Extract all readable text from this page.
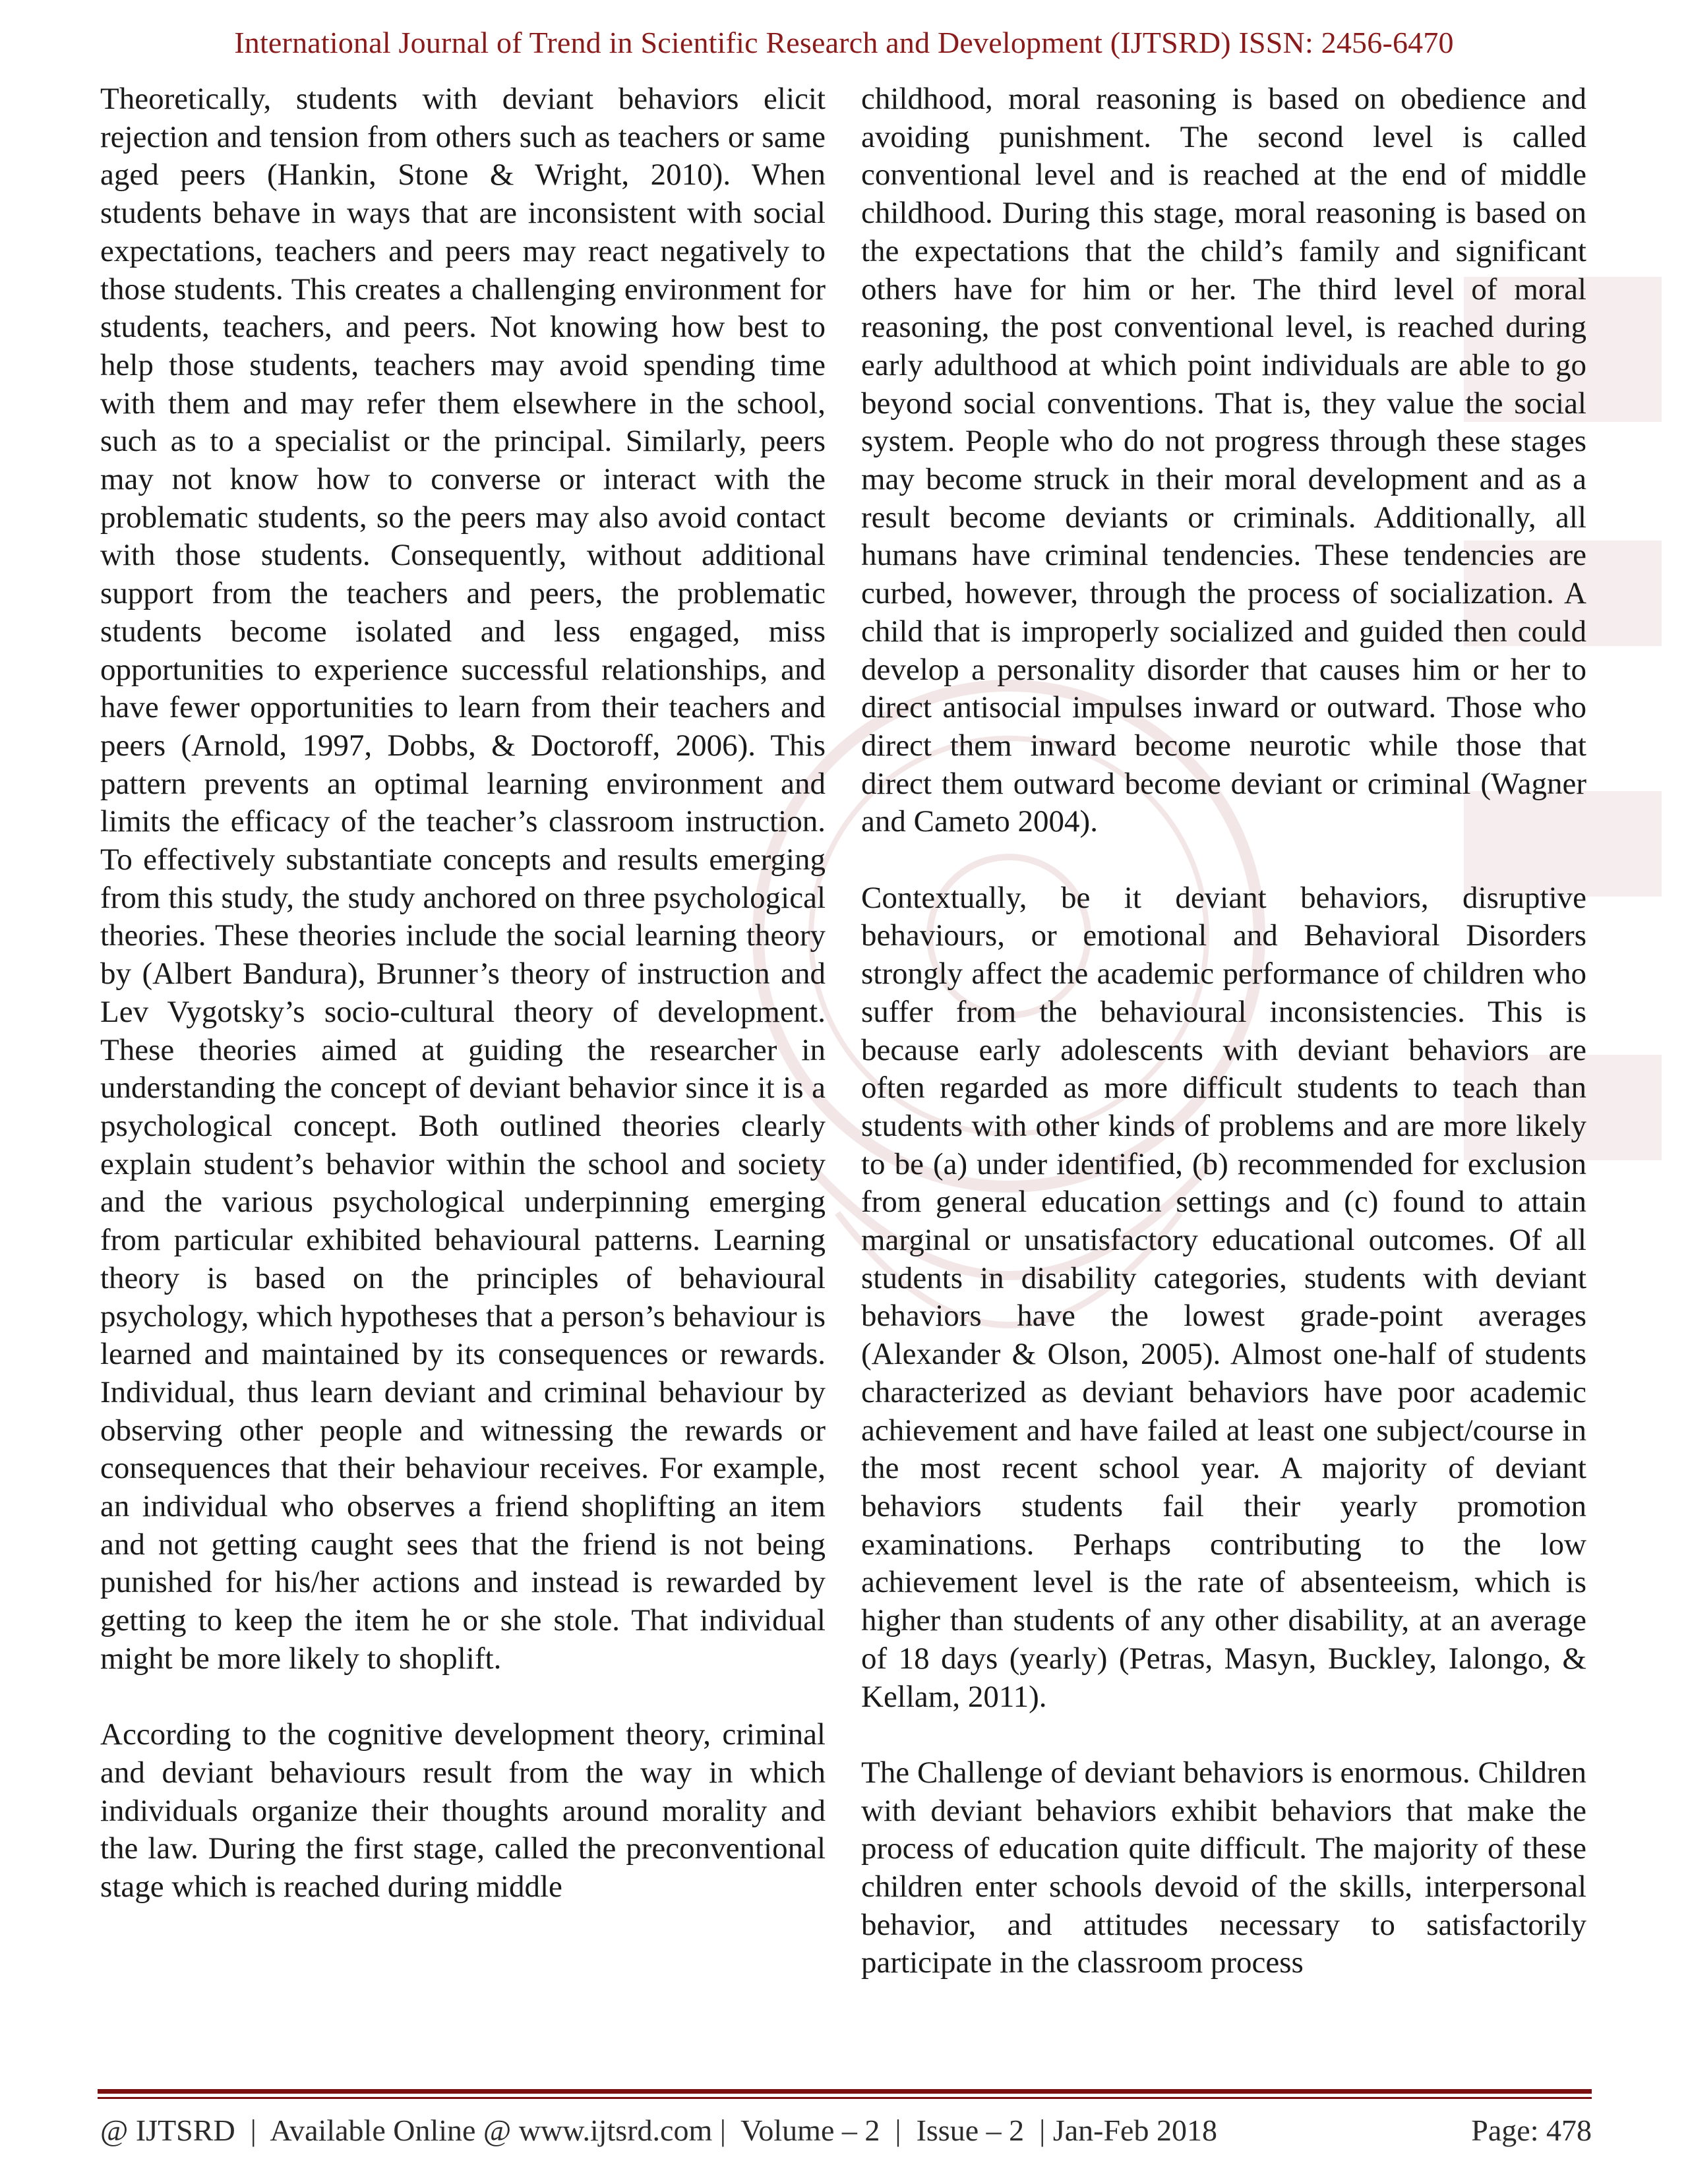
International Journal of Trend in Scientific Research and Development (IJTSRD) ISSN: 2456-6470

Theoretically, students with deviant behaviors elicit rejection and tension from others such as teachers or same aged peers (Hankin, Stone & Wright, 2010). When students behave in ways that are inconsistent with social expectations, teachers and peers may react negatively to those students. This creates a challenging environment for students, teachers, and peers. Not knowing how best to help those students, teachers may avoid spending time with them and may refer them elsewhere in the school, such as to a specialist or the principal. Similarly, peers may not know how to converse or interact with the problematic students, so the peers may also avoid contact with those students. Consequently, without additional support from the teachers and peers, the problematic students become isolated and less engaged, miss opportunities to experience successful relationships, and have fewer opportunities to learn from their teachers and peers (Arnold, 1997, Dobbs, & Doctoroff, 2006). This pattern prevents an optimal learning environment and limits the efficacy of the teacher’s classroom instruction. To effectively substantiate concepts and results emerging from this study, the study anchored on three psychological theories. These theories include the social learning theory by (Albert Bandura), Brunner’s theory of instruction and Lev Vygotsky’s socio-cultural theory of development. These theories aimed at guiding the researcher in understanding the concept of deviant behavior since it is a psychological concept. Both outlined theories clearly explain student’s behavior within the school and society and the various psychological underpinning emerging from particular exhibited behavioural patterns. Learning theory is based on the principles of behavioural psychology, which hypotheses that a person’s behaviour is learned and maintained by its consequences or rewards. Individual, thus learn deviant and criminal behaviour by observing other people and witnessing the rewards or consequences that their behaviour receives. For example, an individual who observes a friend shoplifting an item and not getting caught sees that the friend is not being punished for his/her actions and instead is rewarded by getting to keep the item he or she stole. That individual might be more likely to shoplift.

According to the cognitive development theory, criminal and deviant behaviours result from the way in which individuals organize their thoughts around morality and the law. During the first stage, called the preconventional stage which is reached during middle

childhood, moral reasoning is based on obedience and avoiding punishment. The second level is called conventional level and is reached at the end of middle childhood. During this stage, moral reasoning is based on the expectations that the child’s family and significant others have for him or her. The third level of moral reasoning, the post conventional level, is reached during early adulthood at which point individuals are able to go beyond social conventions. That is, they value the social system. People who do not progress through these stages may become struck in their moral development and as a result become deviants or criminals. Additionally, all humans have criminal tendencies. These tendencies are curbed, however, through the process of socialization. A child that is improperly socialized and guided then could develop a personality disorder that causes him or her to direct antisocial impulses inward or outward. Those who direct them inward become neurotic while those that direct them outward become deviant or criminal (Wagner and Cameto 2004).

Contextually, be it deviant behaviors, disruptive behaviours, or emotional and Behavioral Disorders strongly affect the academic performance of children who suffer from the behavioural inconsistencies. This is because early adolescents with deviant behaviors are often regarded as more difficult students to teach than students with other kinds of problems and are more likely to be (a) under identified, (b) recommended for exclusion from general education settings and (c) found to attain marginal or unsatisfactory educational outcomes. Of all students in disability categories, students with deviant behaviors have the lowest grade-point averages (Alexander & Olson, 2005). Almost one-half of students characterized as deviant behaviors have poor academic achievement and have failed at least one subject/course in the most recent school year. A majority of deviant behaviors students fail their yearly promotion examinations. Perhaps contributing to the low achievement level is the rate of absenteeism, which is higher than students of any other disability, at an average of 18 days (yearly) (Petras, Masyn, Buckley, Ialongo, & Kellam, 2011).

The Challenge of deviant behaviors is enormous. Children with deviant behaviors exhibit behaviors that make the process of education quite difficult. The majority of these children enter schools devoid of the skills, interpersonal behavior, and attitudes necessary to satisfactorily participate in the classroom process

@ IJTSRD  |  Available Online @ www.ijtsrd.com |  Volume – 2  |  Issue – 2  | Jan-Feb 2018	Page: 478
